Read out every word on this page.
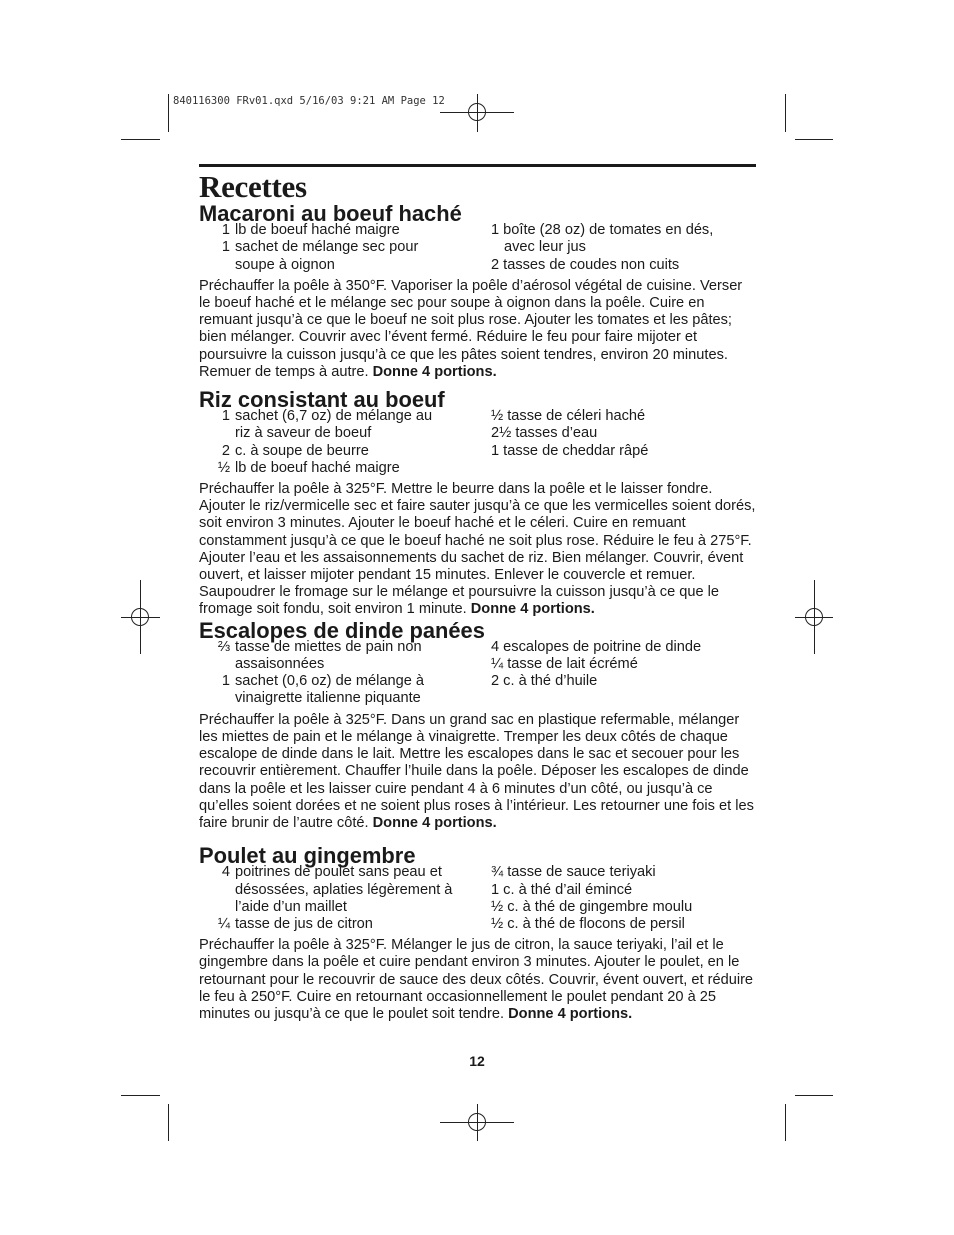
840116300 FRv01.qxd 5/16/03 9:21 AM Page 12
Recettes
Macaroni au boeuf haché
1 lb de boeuf haché maigre
1 sachet de mélange sec pour
soupe à oignon
1 boîte (28 oz) de tomates en dés,
avec leur jus
2 tasses de coudes non cuits

Préchauffer la poêle à 350°F. Vaporiser la poêle d’aérosol végétal de cuisine. Verser le boeuf haché et le mélange sec pour soupe à oignon dans la poêle. Cuire en remuant jusqu’à ce que le boeuf ne soit plus rose. Ajouter les tomates et les pâtes; bien mélanger. Couvrir avec l’évent fermé. Réduire le feu pour faire mijoter et poursuivre la cuisson jusqu’à ce que les pâtes soient tendres, environ 20 minutes. Remuer de temps à autre. Donne 4 portions.

Riz consistant au boeuf
1 sachet (6,7 oz) de mélange au
riz à saveur de boeuf
2 c. à soupe de beurre
½ lb de boeuf haché maigre
½ tasse de céleri haché
2½ tasses d’eau
1 tasse de cheddar râpé

Préchauffer la poêle à 325°F. Mettre le beurre dans la poêle et le laisser fondre. Ajouter le riz/vermicelle sec et faire sauter jusqu’à ce que les vermicelles soient dorés, soit environ 3 minutes. Ajouter le boeuf haché et le céleri. Cuire en remuant constamment jusqu’à ce que le boeuf haché ne soit plus rose. Réduire le feu à 275°F. Ajouter l’eau et les assaisonnements du sachet de riz. Bien mélanger. Couvrir, évent ouvert, et laisser mijoter pendant 15 minutes. Enlever le couvercle et remuer. Saupoudrer le fromage sur le mélange et poursuivre la cuisson jusqu’à ce que le fromage soit fondu, soit environ 1 minute. Donne 4 portions.

Escalopes de dinde panées
⅔ tasse de miettes de pain non
assaisonnées
1 sachet (0,6 oz) de mélange à
vinaigrette italienne piquante
4 escalopes de poitrine de dinde
¼ tasse de lait écrémé
2 c. à thé d’huile

Préchauffer la poêle à 325°F. Dans un grand sac en plastique refermable, mélanger les miettes de pain et le mélange à vinaigrette. Tremper les deux côtés de chaque escalope de dinde dans le lait. Mettre les escalopes dans le sac et secouer pour les recouvrir entièrement. Chauffer l’huile dans la poêle. Déposer les escalopes de dinde dans la poêle et les laisser cuire pendant 4 à 6 minutes d’un côté, ou jusqu’à ce qu’elles soient dorées et ne soient plus roses à l’intérieur. Les retourner une fois et les faire brunir de l’autre côté. Donne 4 portions.

Poulet au gingembre
4 poitrines de poulet sans peau et
désossées, aplaties légèrement à
l’aide d’un maillet
¼ tasse de jus de citron
¾ tasse de sauce teriyaki
1 c. à thé d’ail émincé
½ c. à thé de gingembre moulu
½ c. à thé de flocons de persil

Préchauffer la poêle à 325°F. Mélanger le jus de citron, la sauce teriyaki, l’ail et le gingembre dans la poêle et cuire pendant environ 3 minutes. Ajouter le poulet, en le retournant pour le recouvrir de sauce des deux côtés. Couvrir, évent ouvert, et réduire le feu à 250°F. Cuire en retournant occasionnellement le poulet pendant 20 à 25 minutes ou jusqu’à ce que le poulet soit tendre. Donne 4 portions.

12
